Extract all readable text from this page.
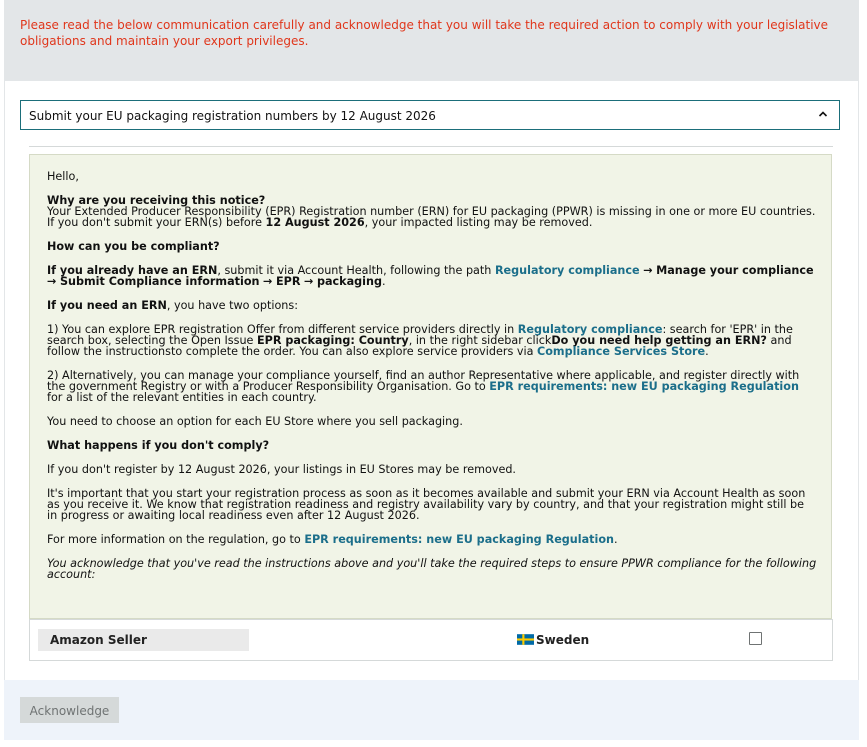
Please read the below communication carefully and acknowledge that you will take the required action to comply with your legislative obligations and maintain your export privileges.
Submit your EU packaging registration numbers by 12 August 2026

Hello,

Why are you receiving this notice?

Your Extended Producer Responsibility (EPR) Registration number (ERN) for EU packaging (PPWR) is missing in one or more EU countries. If you don't submit your ERN(s) before 12 August 2026, your impacted listing may be removed.

How can you be compliant?

If you already have an ERN, submit it via Account Health, following the path Regulatory compliance → Manage your compliance → Submit Compliance information → EPR → packaging.

If you need an ERN, you have two options:

1) You can explore EPR registration Offer from different service providers directly in Regulatory compliance: search for 'EPR' in the search box, selecting the Open Issue EPR packaging: Country, in the right sidebar clickDo you need help getting an ERN? and follow the instructionsto complete the order. You can also explore service providers via Compliance Services Store.

2) Alternatively, you can manage your compliance yourself, find an author Representative where applicable, and register directly with the government Registry or with a Producer Responsibility Organisation. Go to EPR requirements: new EU packaging Regulation for a list of the relevant entities in each country.

You need to choose an option for each EU Store where you sell packaging.

What happens if you don't comply?

If you don't register by 12 August 2026, your listings in EU Stores may be removed.

It's important that you start your registration process as soon as it becomes available and submit your ERN via Account Health as soon as you receive it. We know that registration readiness and registry availability vary by country, and that your registration might still be in progress or awaiting local readiness even after 12 August 2026.

For more information on the regulation, go to EPR requirements: new EU packaging Regulation.

You acknowledge that you've read the instructions above and you'll take the required steps to ensure PPWR compliance for the following account:

Amazon Seller	Sweden
Acknowledge
